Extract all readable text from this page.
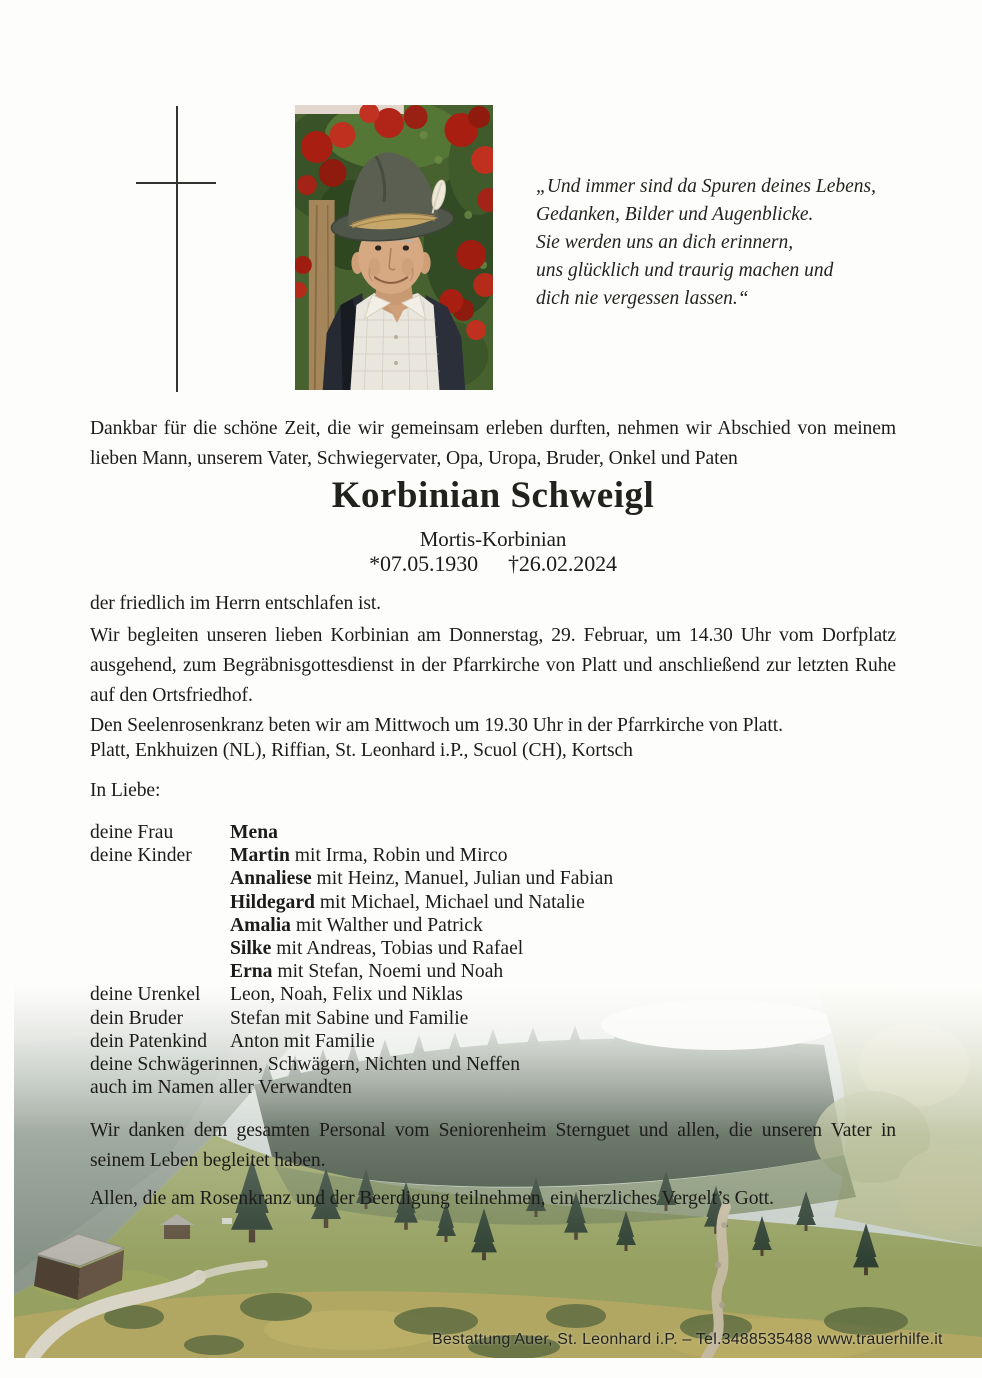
„Und immer sind da Spuren deines Lebens,
Gedanken, Bilder und Augenblicke.
Sie werden uns an dich erinnern,
uns glücklich und traurig machen und
dich nie vergessen lassen.“
Dankbar für die schöne Zeit, die wir gemeinsam erleben durften, nehmen wir Abschied von meinem
lieben Mann, unserem Vater, Schwiegervater, Opa, Uropa, Bruder, Onkel und Paten
Korbinian Schweigl
Mortis-Korbinian
*07.05.1930 †26.02.2024
der friedlich im Herrn entschlafen ist.
Wir begleiten unseren lieben Korbinian am Donnerstag, 29. Februar, um 14.30 Uhr vom Dorfplatz
ausgehend, zum Begräbnisgottesdienst in der Pfarrkirche von Platt und anschließend zur letzten Ruhe
auf den Ortsfriedhof.
Den Seelenrosenkranz beten wir am Mittwoch um 19.30 Uhr in der Pfarrkirche von Platt.
Platt, Enkhuizen (NL), Riffian, St. Leonhard i.P., Scuol (CH), Kortsch
In Liebe:
deine Frau	Mena
deine Kinder	Martin mit Irma, Robin und Mirco
Annaliese mit Heinz, Manuel, Julian und Fabian
Hildegard mit Michael, Michael und Natalie
Amalia mit Walther und Patrick
Silke mit Andreas, Tobias und Rafael
Erna mit Stefan, Noemi und Noah
deine Urenkel	Leon, Noah, Felix und Niklas
dein Bruder	Stefan mit Sabine und Familie
dein Patenkind	Anton mit Familie
deine Schwägerinnen, Schwägern, Nichten und Neffen
auch im Namen aller Verwandten
Wir danken dem gesamten Personal vom Seniorenheim Sternguet und allen, die unseren Vater in
seinem Leben begleitet haben.
Allen, die am Rosenkranz und der Beerdigung teilnehmen, ein herzliches Vergelt’s Gott.
Bestattung Auer, St. Leonhard i.P. – Tel.3488535488 www.trauerhilfe.it
